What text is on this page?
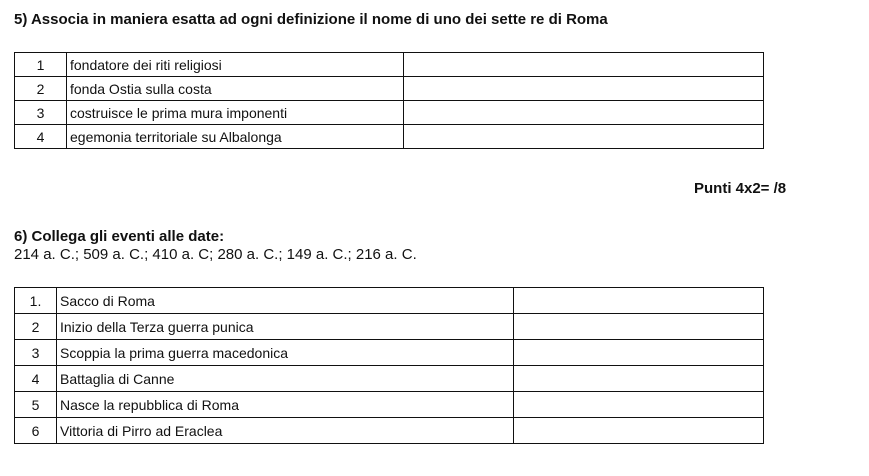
5) Associa in maniera esatta ad ogni definizione il nome di uno dei sette re di Roma
1	fondatore dei riti religiosi	
2	fonda Ostia sulla costa	
3	costruisce le prima mura imponenti	
4	egemonia territoriale su Albalonga	
Punti 4x2= /8
6) Collega gli eventi alle date:
214 a. C.; 509 a. C.; 410 a. C; 280 a. C.; 149 a. C.; 216 a. C.
1.	Sacco di Roma	
2	Inizio della Terza guerra punica	
3	Scoppia la prima guerra macedonica	
4	Battaglia di Canne	
5	Nasce la repubblica di Roma	
6	Vittoria di Pirro ad Eraclea	
